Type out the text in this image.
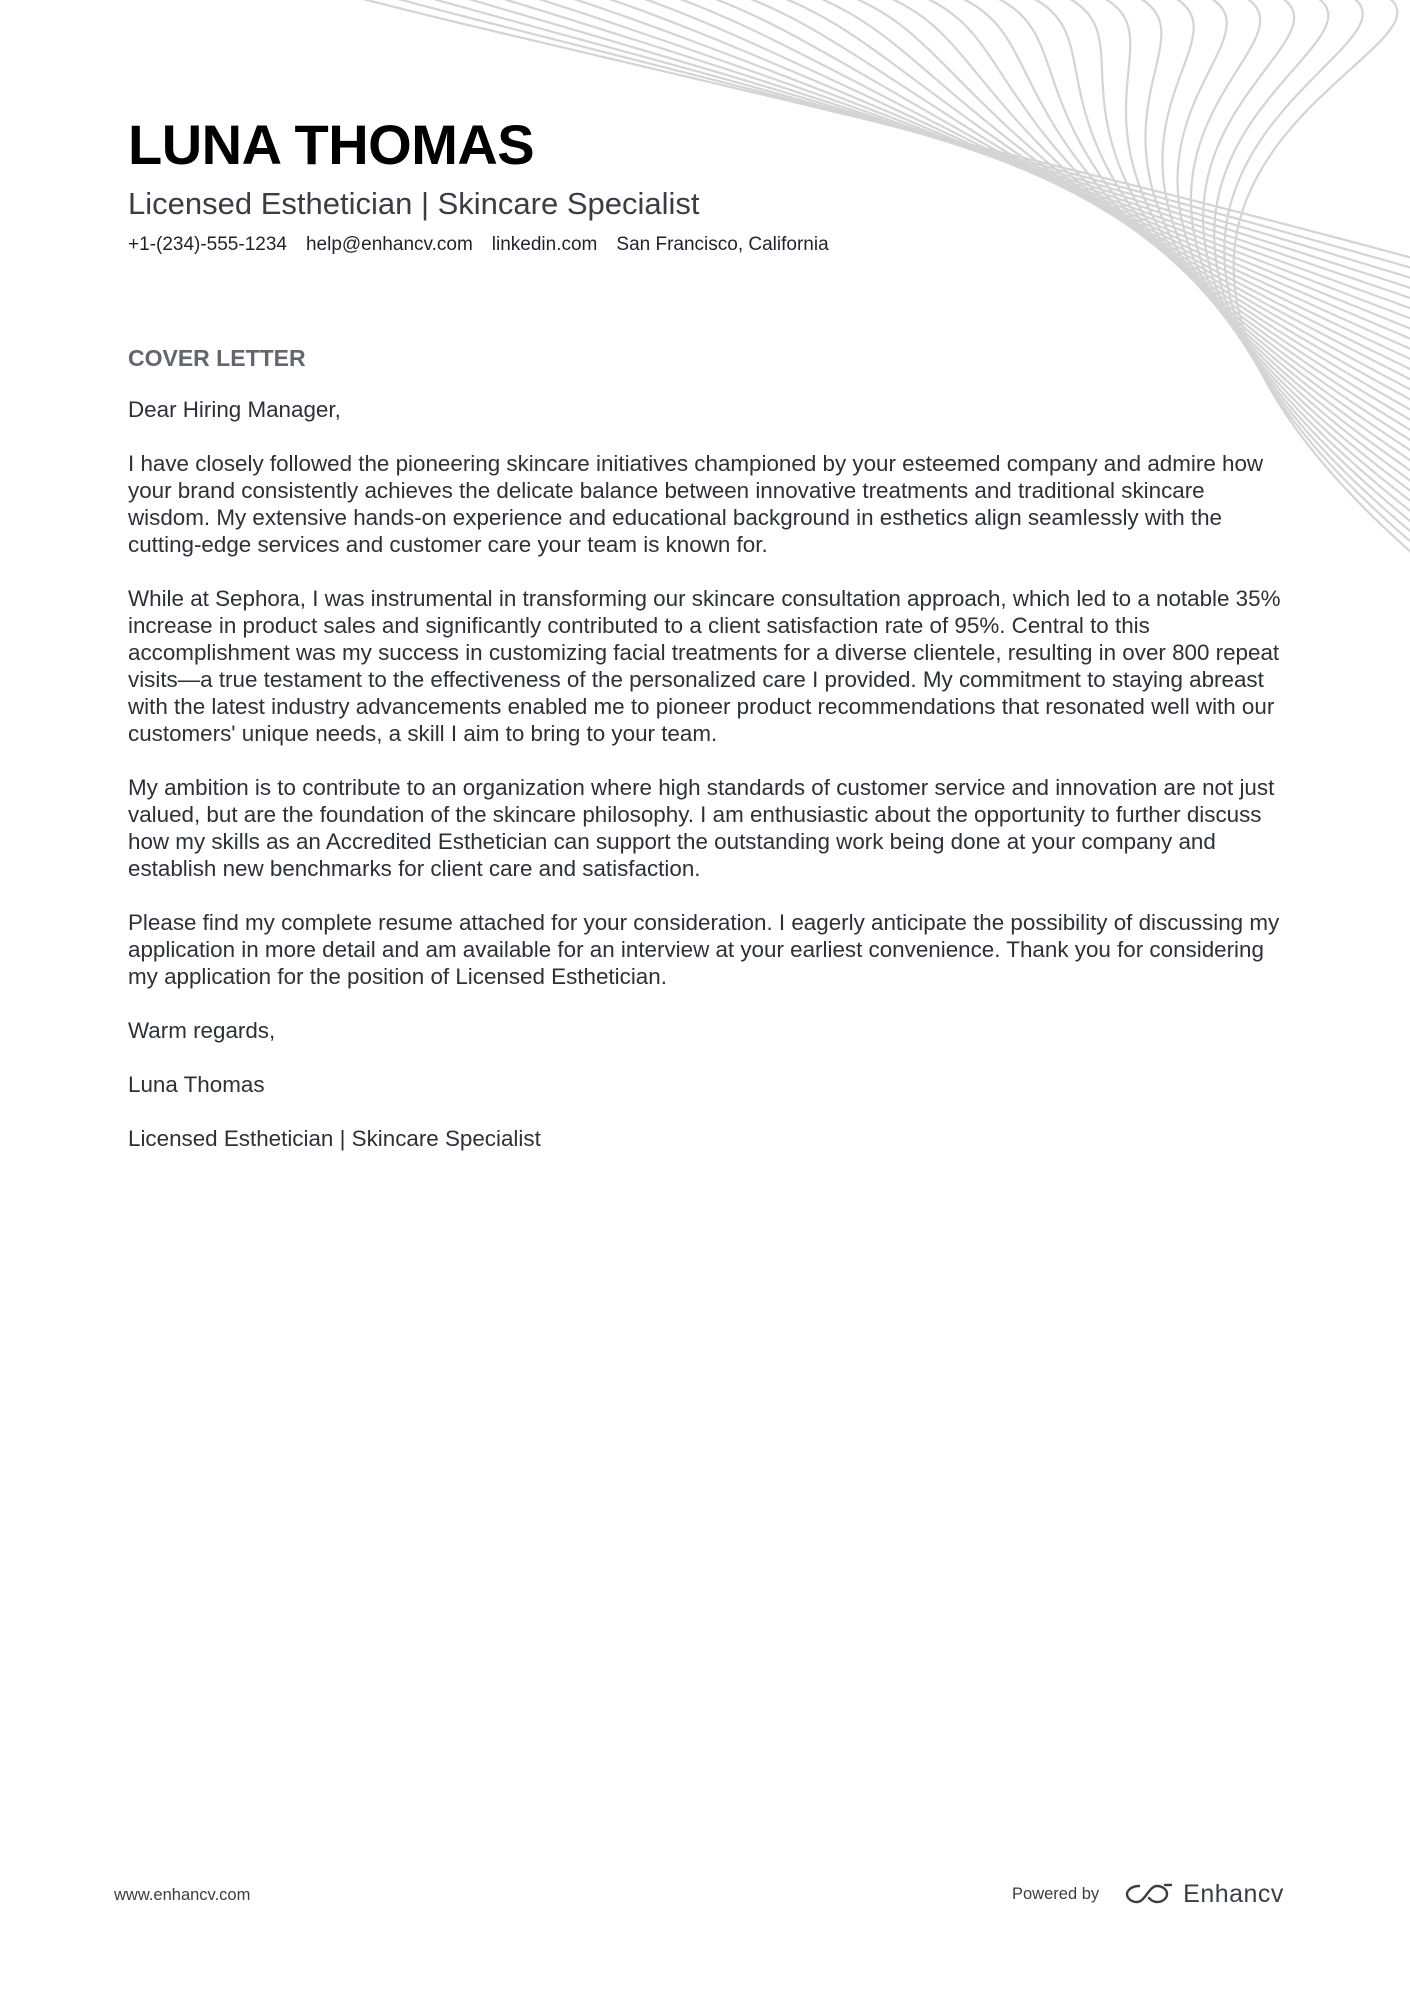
LUNA THOMAS
Licensed Esthetician | Skincare Specialist
+1-(234)-555-1234 help@enhancv.com linkedin.com San Francisco, California
COVER LETTER

Dear Hiring Manager,

I have closely followed the pioneering skincare initiatives championed by your esteemed company and admire how your brand consistently achieves the delicate balance between innovative treatments and traditional skincare wisdom. My extensive hands-on experience and educational background in esthetics align seamlessly with the cutting-edge services and customer care your team is known for.

While at Sephora, I was instrumental in transforming our skincare consultation approach, which led to a notable 35% increase in product sales and significantly contributed to a client satisfaction rate of 95%. Central to this accomplishment was my success in customizing facial treatments for a diverse clientele, resulting in over 800 repeat visits—a true testament to the effectiveness of the personalized care I provided. My commitment to staying abreast with the latest industry advancements enabled me to pioneer product recommendations that resonated well with our customers' unique needs, a skill I aim to bring to your team.

My ambition is to contribute to an organization where high standards of customer service and innovation are not just valued, but are the foundation of the skincare philosophy. I am enthusiastic about the opportunity to further discuss how my skills as an Accredited Esthetician can support the outstanding work being done at your company and establish new benchmarks for client care and satisfaction.

Please find my complete resume attached for your consideration. I eagerly anticipate the possibility of discussing my application in more detail and am available for an interview at your earliest convenience. Thank you for considering my application for the position of Licensed Esthetician.

Warm regards,

Luna Thomas

Licensed Esthetician | Skincare Specialist

www.enhancv.com	Powered by	Enhancv
